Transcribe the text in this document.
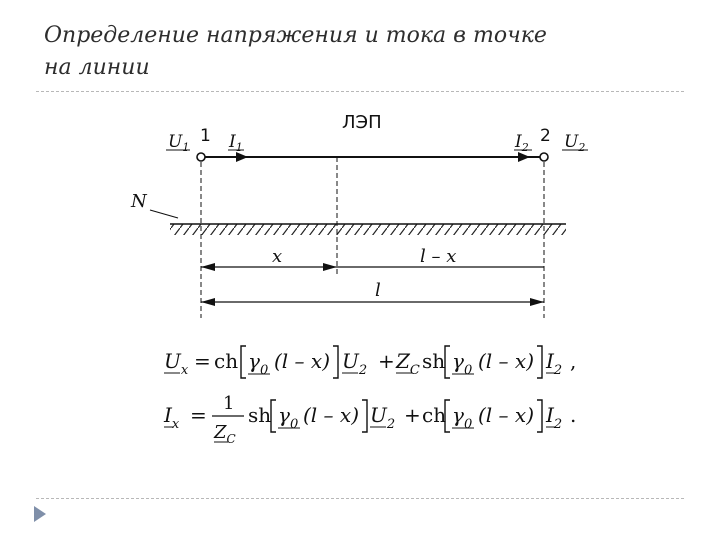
Определение напряжения и тока в точке
на линии
ЛЭП
1	2
$U_1$ $I_1$	$I_2$ $U_2$
N
x	l – x
l
$U_x$ = ch $\gamma_0$ (l – x) $U_2 + Z_C$ sh $\gamma_0$ (l – x) $I_2$ ,
$I_x = 1$
$Z_C$
sh $\gamma_0$ (l – x) $U_2$ + ch $\gamma_0$ (l – x) $I_2$ .
